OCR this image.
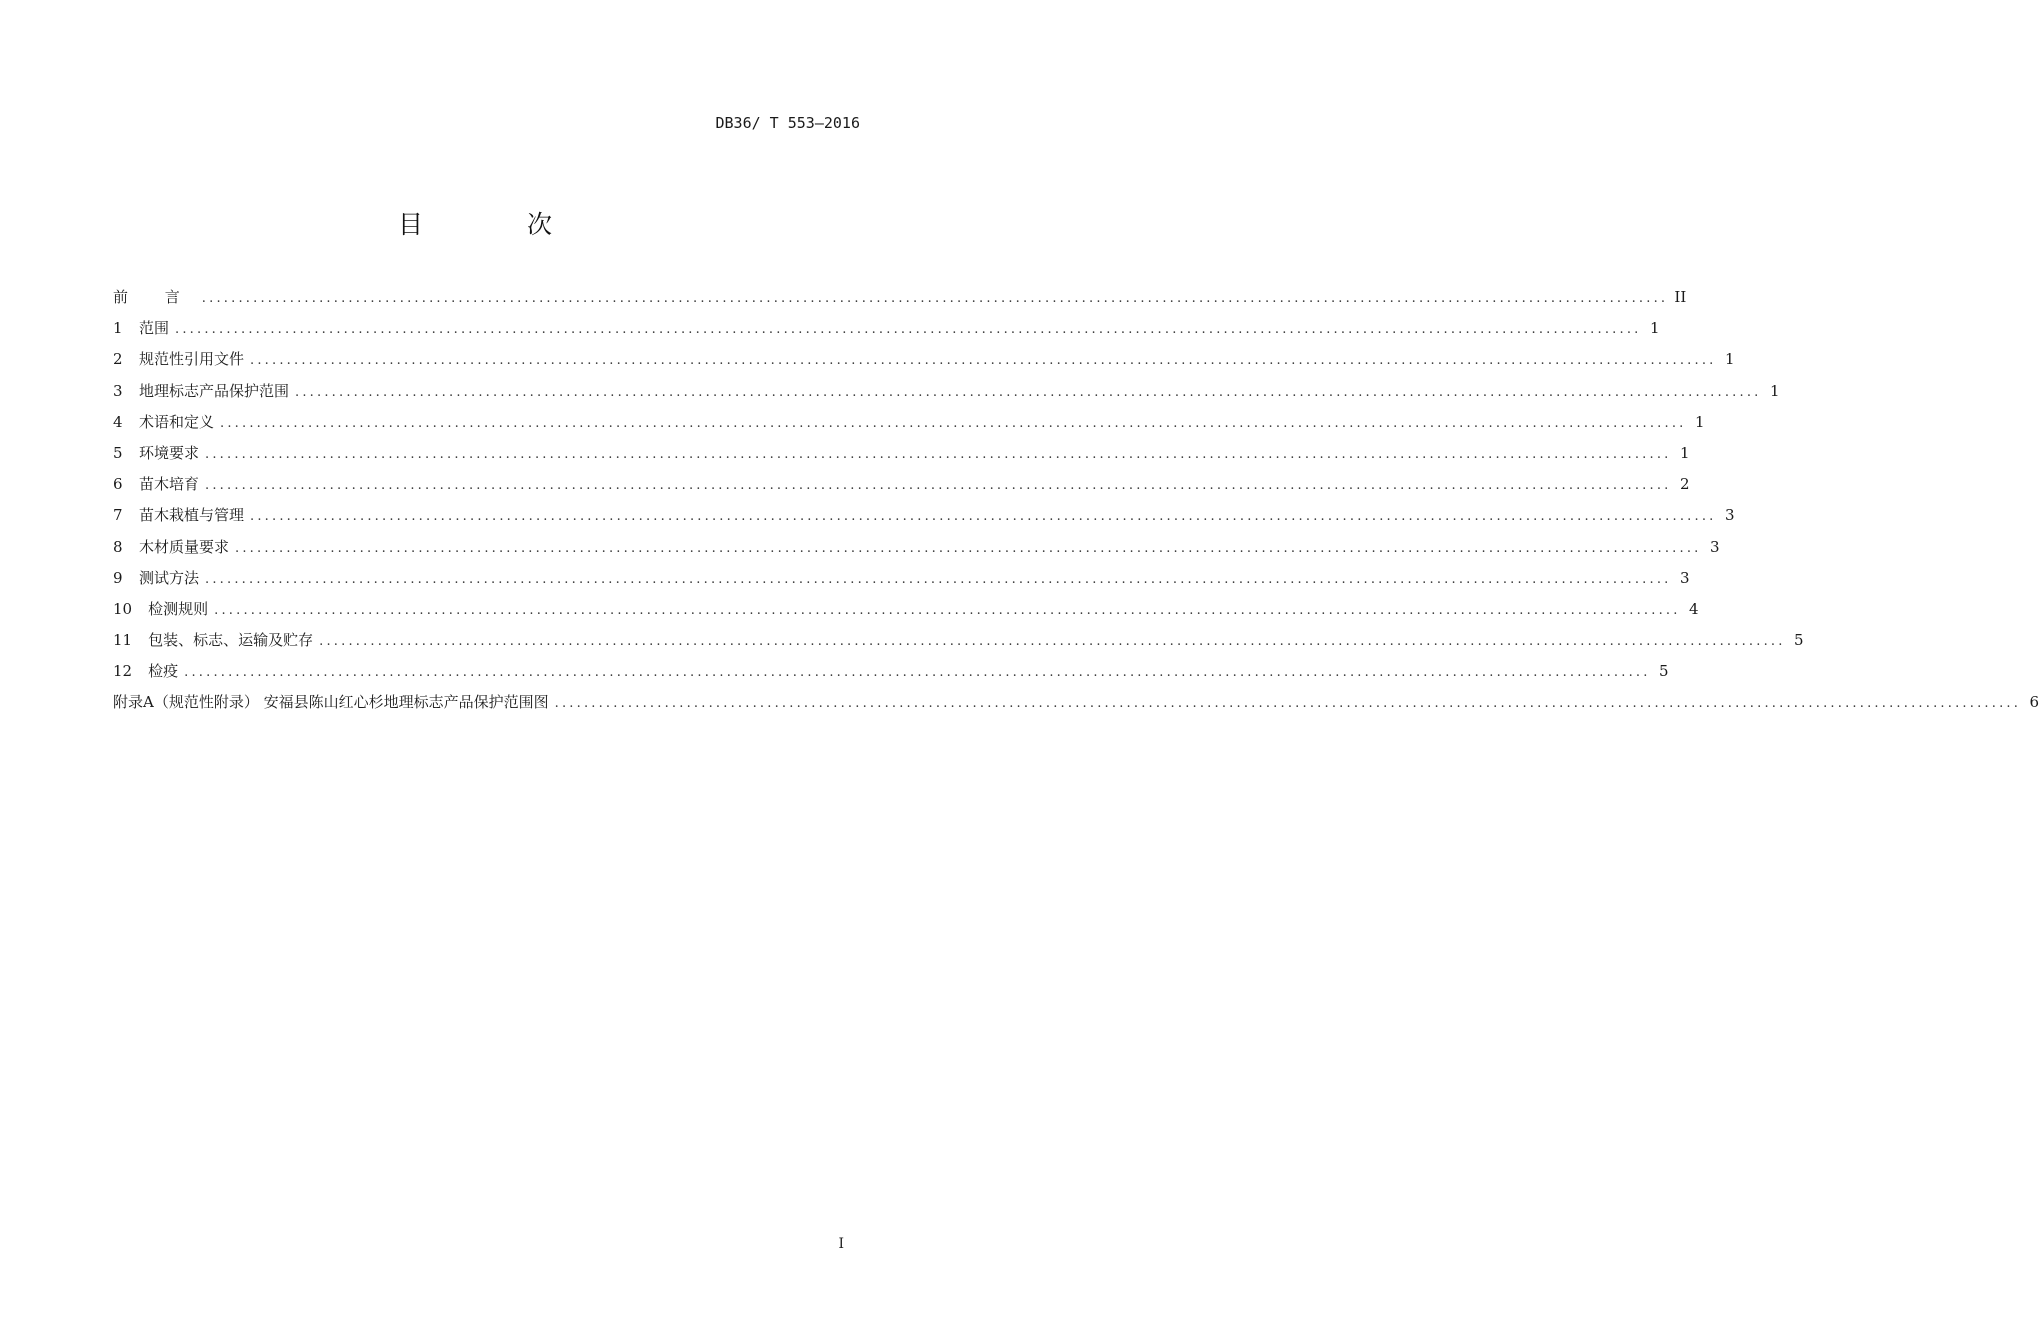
DB36/ T 553—2016
目 次
前 言 ........................................................................................................................................................................................................ II
1 范围 ........................................................................................................................................................................................................ 1
2 规范性引用文件 ........................................................................................................................................................................................................ 1
3 地理标志产品保护范围 ........................................................................................................................................................................................................ 1
4 术语和定义 ........................................................................................................................................................................................................ 1
5 环境要求 ........................................................................................................................................................................................................ 1
6 苗木培育 ........................................................................................................................................................................................................ 2
7 苗木栽植与管理 ........................................................................................................................................................................................................ 3
8 木材质量要求 ........................................................................................................................................................................................................ 3
9 测试方法 ........................................................................................................................................................................................................ 3
10 检测规则 ........................................................................................................................................................................................................ 4
11 包装、标志、运输及贮存 ........................................................................................................................................................................................................ 5
12 检疫 ........................................................................................................................................................................................................ 5
附录A（规范性附录） 安福县陈山红心杉地理标志产品保护范围图 ........................................................................................................................................................................................................ 6
I
